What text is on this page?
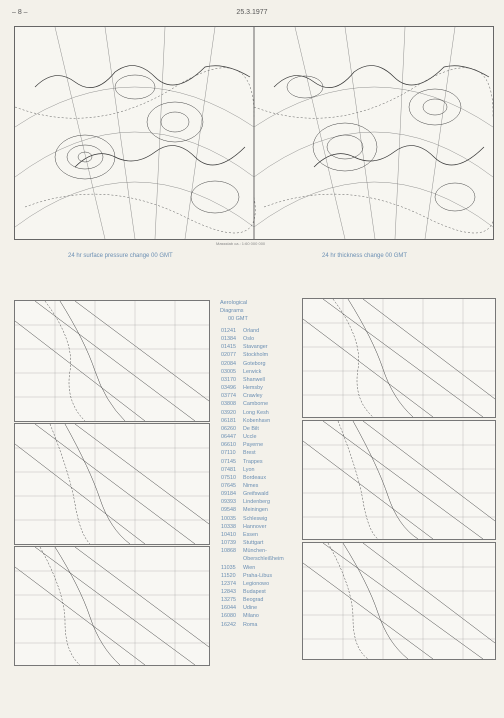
– 8 –	25.3.1977
Massstab ca.: 1:60 000 000
24 hr surface pressure change 00 GMT	24 hr thickness change 00 GMT
Aerological
Diagrams
00 GMT
01241	Orland
01384	Oslo
01415	Stavanger
02077	Stockholm
02084	Goteborg
03005	Lerwick
03170	Shanwell
03496	Hemsby
03774	Crawley
03808	Camborne
03920	Long Kesh
06181	Kobenhavn
06260	De Bilt
06447	Uccle
06610	Payerne
07110	Brest
07145	Trappes
07481	Lyon
07510	Bordeaux
07645	Nimes
09184	Greifswald
09393	Lindenberg
09548	Meiningen
10035	Schleswig
10338	Hannover
10410	Essen
10739	Stuttgart
10868	München-
Oberschleißheim
11035	Wien
11520	Praha-Libus
12374	Legionowo
12843	Budapest
13275	Beograd
16044	Udine
16080	Milano
16242	Roma
